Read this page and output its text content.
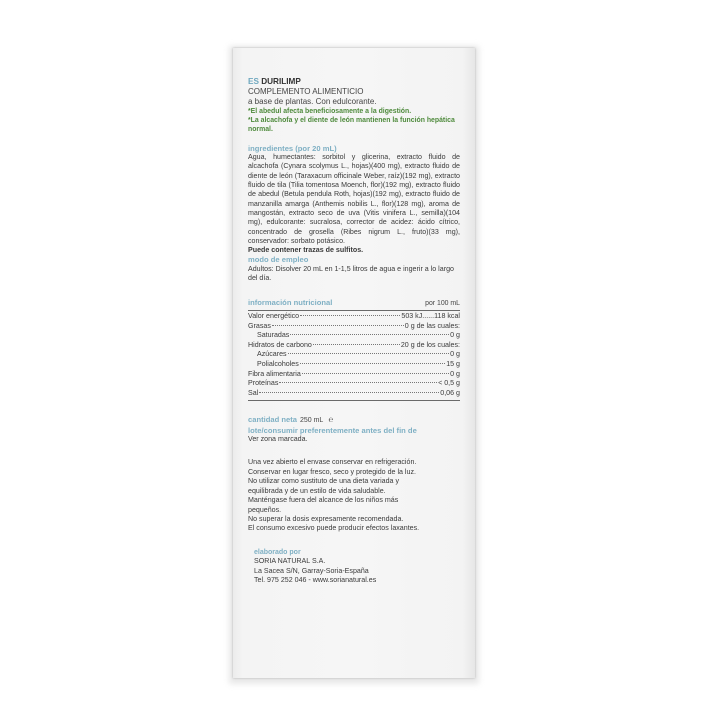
ES DURILIMP
COMPLEMENTO ALIMENTICIO
a base de plantas. Con edulcorante.
*El abedul afecta beneficiosamente a la digestión.
*La alcachofa y el diente de león mantienen la función hepática normal.
ingredientes (por 20 mL)
Agua, humectantes: sorbitol y glicerina, extracto fluido de alcachofa (Cynara scolymus L., hojas)(400 mg), extracto fluido de diente de león (Taraxacum officinale Weber, raíz)(192 mg), extracto fluido de tila (Tilia tomentosa Moench, flor)(192 mg), extracto fluido de abedul (Betula pendula Roth, hojas)(192 mg), extracto fluido de manzanilla amarga (Anthemis nobilis L., flor)(128 mg), aroma de mangostán, extracto seco de uva (Vitis vinifera L., semilla)(104 mg), edulcorante: sucralosa, corrector de acidez: ácido cítrico, concentrado de grosella (Ribes nigrum L., fruto)(33 mg), conservador: sorbato potásico.
Puede contener trazas de sulfitos.
modo de empleo
Adultos: Disolver 20 mL en 1-1,5 litros de agua e ingerir a lo largo del día.
información nutricional	por 100 mL
Valor energético	503 kJ......118 kcal
Grasas	0 g de las cuales:
Saturadas	0 g
Hidratos de carbono	20 g de los cuales:
Azúcares	0 g
Polialcoholes	15 g
Fibra alimentaria	0 g
Proteínas	< 0,5 g
Sal	0,06 g
cantidad neta 250 mL ℮
lote/consumir preferentemente antes del fin de
Ver zona marcada.
Una vez abierto el envase conservar en refrigeración.
Conservar en lugar fresco, seco y protegido de la luz.
No utilizar como sustituto de una dieta variada y
equilibrada y de un estilo de vida saludable.
Manténgase fuera del alcance de los niños más
pequeños.
No superar la dosis expresamente recomendada.
El consumo excesivo puede producir efectos laxantes.
elaborado por
SORIA NATURAL S.A.
La Sacea S/N, Garray-Soria-España
Tel. 975 252 046 - www.sorianatural.es
